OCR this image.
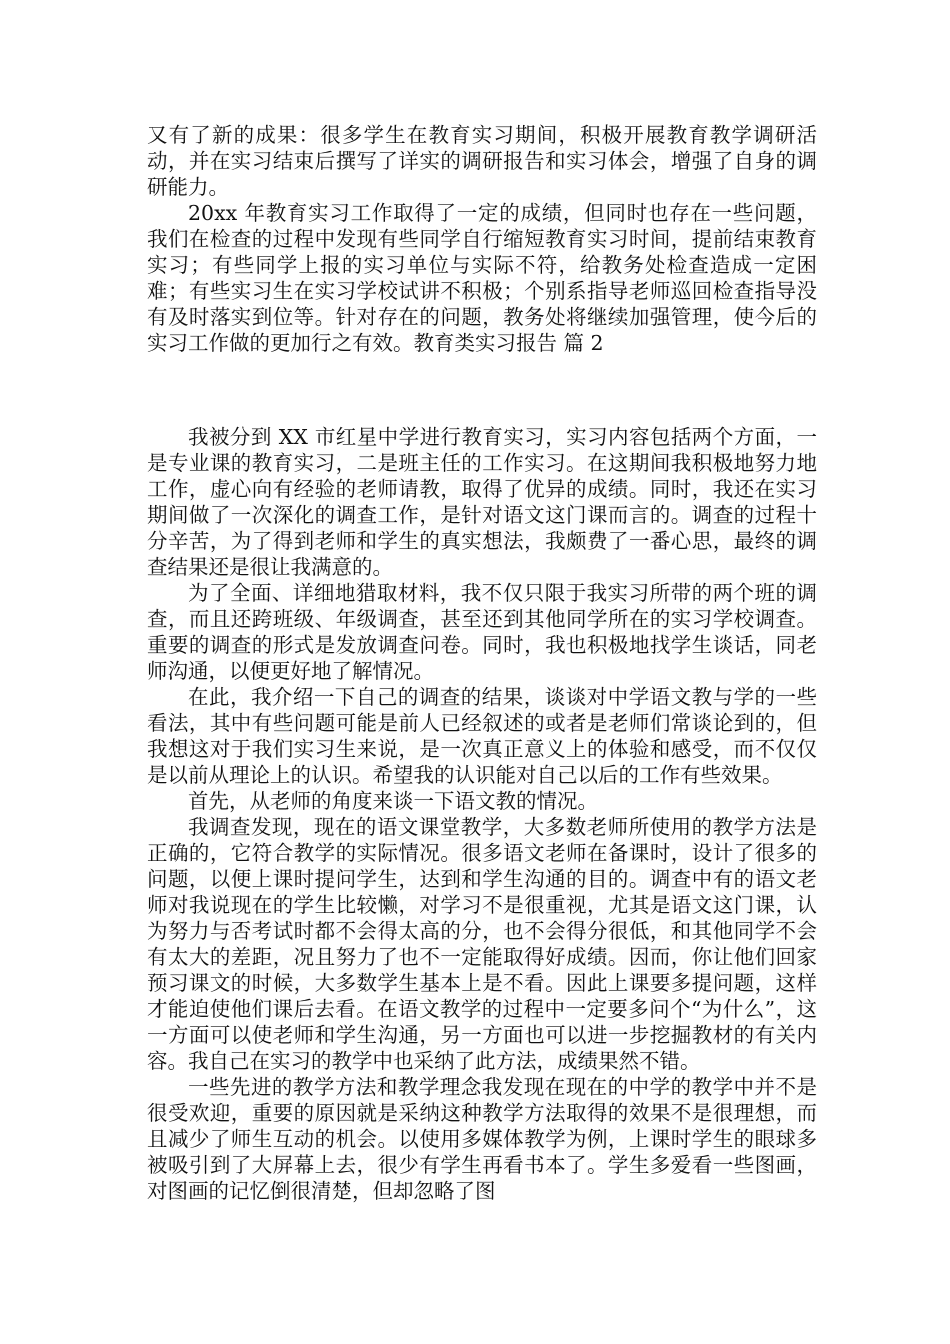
又有了新的成果：很多学生在教育实习期间，积极开展教育教学调研活动，并在实习结束后撰写了详实的调研报告和实习体会，增强了自身的调研能力。

20xx 年教育实习工作取得了一定的成绩，但同时也存在一些问题，我们在检查的过程中发现有些同学自行缩短教育实习时间，提前结束教育实习；有些同学上报的实习单位与实际不符，给教务处检查造成一定困难；有些实习生在实习学校试讲不积极；个别系指导老师巡回检查指导没有及时落实到位等。针对存在的问题，教务处将继续加强管理，使今后的实习工作做的更加行之有效。教育类实习报告 篇 2

我被分到 XX 市红星中学进行教育实习，实习内容包括两个方面，一是专业课的教育实习，二是班主任的工作实习。在这期间我积极地努力地工作，虚心向有经验的老师请教，取得了优异的成绩。同时，我还在实习期间做了一次深化的调查工作，是针对语文这门课而言的。调查的过程十分辛苦，为了得到老师和学生的真实想法，我颇费了一番心思，最终的调查结果还是很让我满意的。

为了全面、详细地猎取材料，我不仅只限于我实习所带的两个班的调查，而且还跨班级、年级调查，甚至还到其他同学所在的实习学校调查。重要的调查的形式是发放调查问卷。同时，我也积极地找学生谈话，同老师沟通，以便更好地了解情况。

在此，我介绍一下自己的调查的结果，谈谈对中学语文教与学的一些看法，其中有些问题可能是前人已经叙述的或者是老师们常谈论到的，但我想这对于我们实习生来说，是一次真正意义上的体验和感受，而不仅仅是以前从理论上的认识。希望我的认识能对自己以后的工作有些效果。

首先，从老师的角度来谈一下语文教的情况。

我调查发现，现在的语文课堂教学，大多数老师所使用的教学方法是正确的，它符合教学的实际情况。很多语文老师在备课时，设计了很多的问题，以便上课时提问学生，达到和学生沟通的目的。调查中有的语文老师对我说现在的学生比较懒，对学习不是很重视，尤其是语文这门课，认为努力与否考试时都不会得太高的分，也不会得分很低，和其他同学不会有太大的差距，况且努力了也不一定能取得好成绩。因而，你让他们回家预习课文的时候，大多数学生基本上是不看。因此上课要多提问题，这样才能迫使他们课后去看。在语文教学的过程中一定要多问个“为什么”，这一方面可以使老师和学生沟通，另一方面也可以进一步挖掘教材的有关内容。我自己在实习的教学中也采纳了此方法，成绩果然不错。

一些先进的教学方法和教学理念我发现在现在的中学的教学中并不是很受欢迎，重要的原因就是采纳这种教学方法取得的效果不是很理想，而且减少了师生互动的机会。以使用多媒体教学为例，上课时学生的眼球多被吸引到了大屏幕上去，很少有学生再看书本了。学生多爱看一些图画，对图画的记忆倒很清楚，但却忽略了图
